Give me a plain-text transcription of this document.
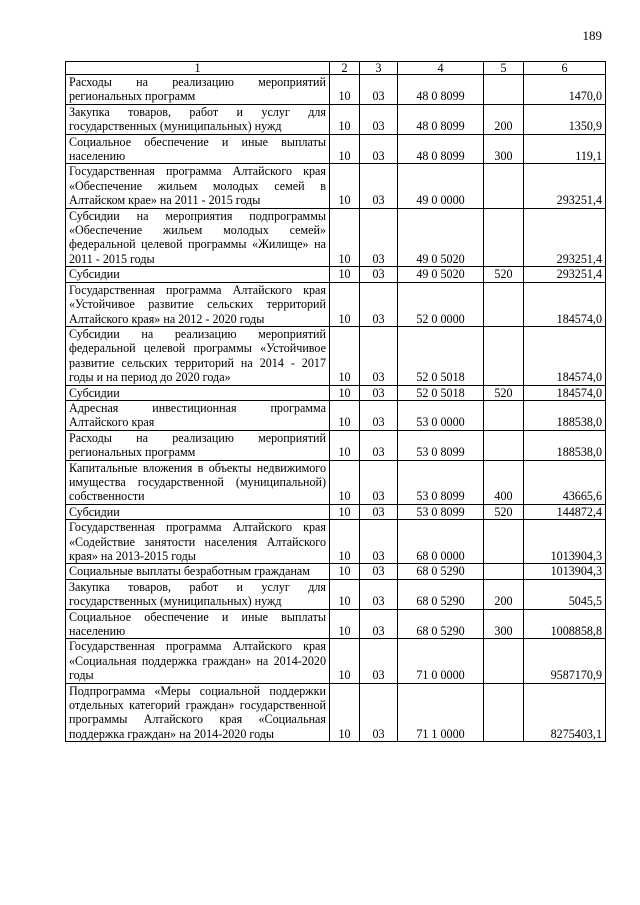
189
1	2	3	4	5	6
Расходы на реализацию мероприятий региональных программ	10	03	48 0 8099		1470,0
Закупка товаров, работ и услуг для государственных (муниципальных) нужд	10	03	48 0 8099	200	1350,9
Социальное обеспечение и иные выплаты населению	10	03	48 0 8099	300	119,1
Государственная программа Алтайского края «Обеспечение жильем молодых семей в Алтайском крае» на 2011 - 2015 годы	10	03	49 0 0000		293251,4
Субсидии на мероприятия подпрограммы «Обеспечение жильем молодых семей» федеральной целевой программы «Жилище» на 2011 - 2015 годы	10	03	49 0 5020		293251,4
Субсидии	10	03	49 0 5020	520	293251,4
Государственная программа Алтайского края «Устойчивое развитие сельских территорий Алтайского края» на 2012 - 2020 годы	10	03	52 0 0000		184574,0
Субсидии на реализацию мероприятий федеральной целевой программы «Устойчивое развитие сельских территорий на 2014 - 2017 годы и на период до 2020 года»	10	03	52 0 5018		184574,0
Субсидии	10	03	52 0 5018	520	184574,0
Адресная инвестиционная программа Алтайского края	10	03	53 0 0000		188538,0
Расходы на реализацию мероприятий региональных программ	10	03	53 0 8099		188538,0
Капитальные вложения в объекты недвижимого имущества государственной (муниципальной) собственности	10	03	53 0 8099	400	43665,6
Субсидии	10	03	53 0 8099	520	144872,4
Государственная программа Алтайского края «Содействие занятости населения Алтайского края» на 2013-2015 годы	10	03	68 0 0000		1013904,3
Социальные выплаты безработным гражданам	10	03	68 0 5290		1013904,3
Закупка товаров, работ и услуг для государственных (муниципальных) нужд	10	03	68 0 5290	200	5045,5
Социальное обеспечение и иные выплаты населению	10	03	68 0 5290	300	1008858,8
Государственная программа Алтайского края «Социальная поддержка граждан» на 2014-2020 годы	10	03	71 0 0000		9587170,9
Подпрограмма «Меры социальной поддержки отдельных категорий граждан» государственной программы Алтайского края «Социальная поддержка граждан» на 2014-2020 годы	10	03	71 1 0000		8275403,1
